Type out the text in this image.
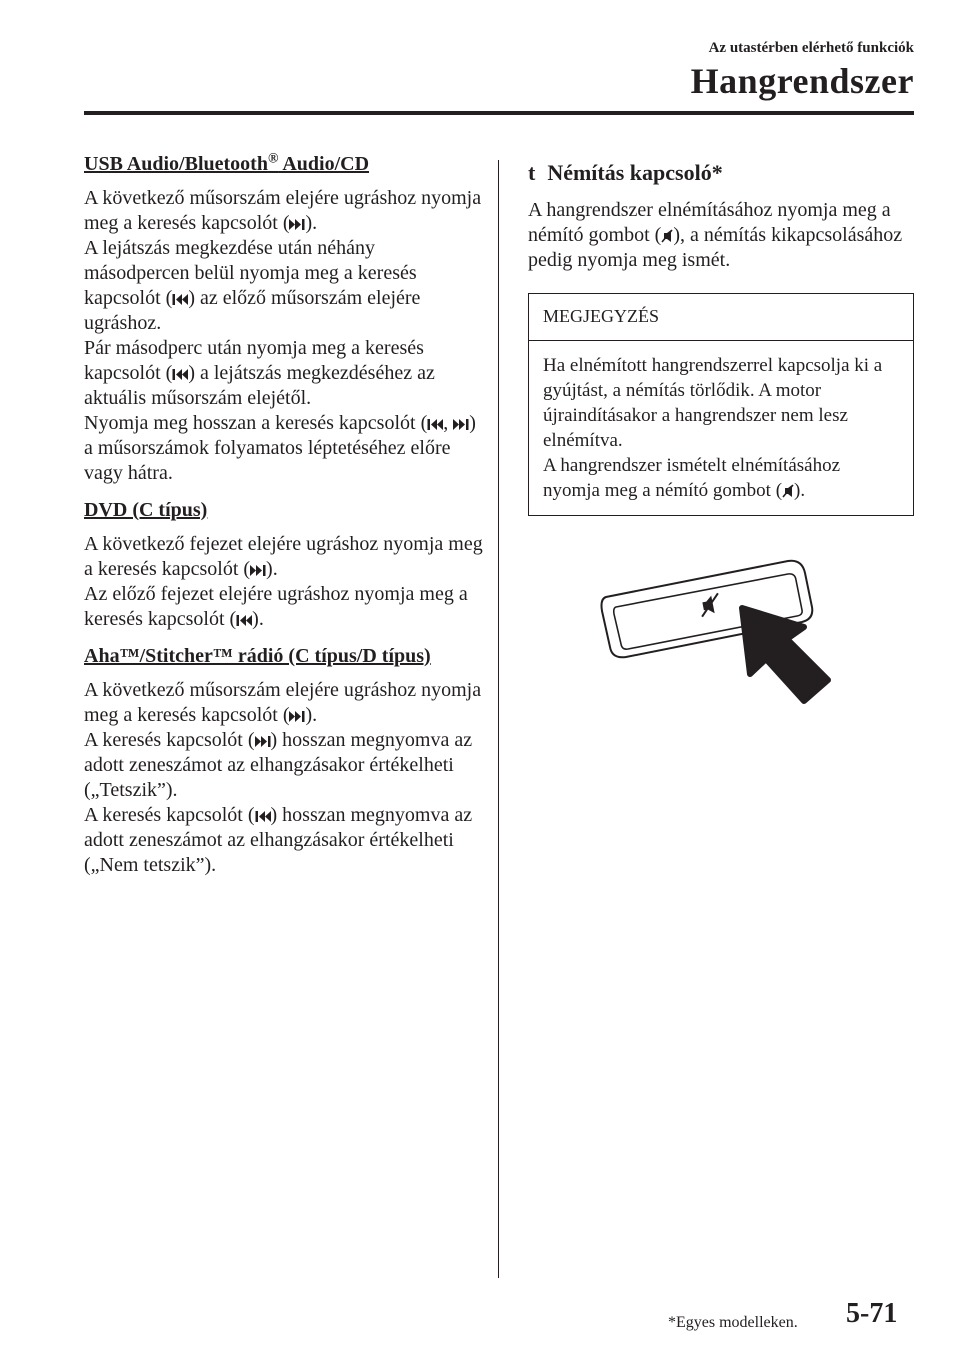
Az utastérben elérhető funkciók
Hangrendszer
USB Audio/Bluetooth® Audio/CD

A következő műsorszám elejére ugráshoz nyomja meg a keresés kapcsolót ( ).

A lejátszás megkezdése után néhány másodpercen belül nyomja meg a keresés kapcsolót ( ) az előző műsorszám elejére ugráshoz.

Pár másodperc után nyomja meg a keresés kapcsolót ( ) a lejátszás megkezdéséhez az aktuális műsorszám elejétől.

Nyomja meg hosszan a keresés kapcsolót ( , ) a műsorszámok folyamatos léptetéséhez előre vagy hátra.

DVD (C típus)

A következő fejezet elejére ugráshoz nyomja meg a keresés kapcsolót ( ).

Az előző fejezet elejére ugráshoz nyomja meg a keresés kapcsolót ( ).

Aha™/Stitcher™ rádió (C típus/D típus)

A következő műsorszám elejére ugráshoz nyomja meg a keresés kapcsolót ( ).

A keresés kapcsolót ( ) hosszan megnyomva az adott zeneszámot az elhangzásakor értékelheti („Tetszik”).

A keresés kapcsolót ( ) hosszan megnyomva az adott zeneszámot az elhangzásakor értékelheti („Nem tetszik”).

t Némítás kapcsoló*

A hangrendszer elnémításához nyomja meg a némító gombot ( ), a némítás kikapcsolásához pedig nyomja meg ismét.

MEGJEGYZÉS
Ha elnémított hangrendszerrel kapcsolja ki a gyújtást, a némítás törlődik. A motor újraindításakor a hangrendszer nem lesz elnémítva.
A hangrendszer ismételt elnémításához nyomja meg a némító gombot ( ).
*Egyes modelleken. 5-71
